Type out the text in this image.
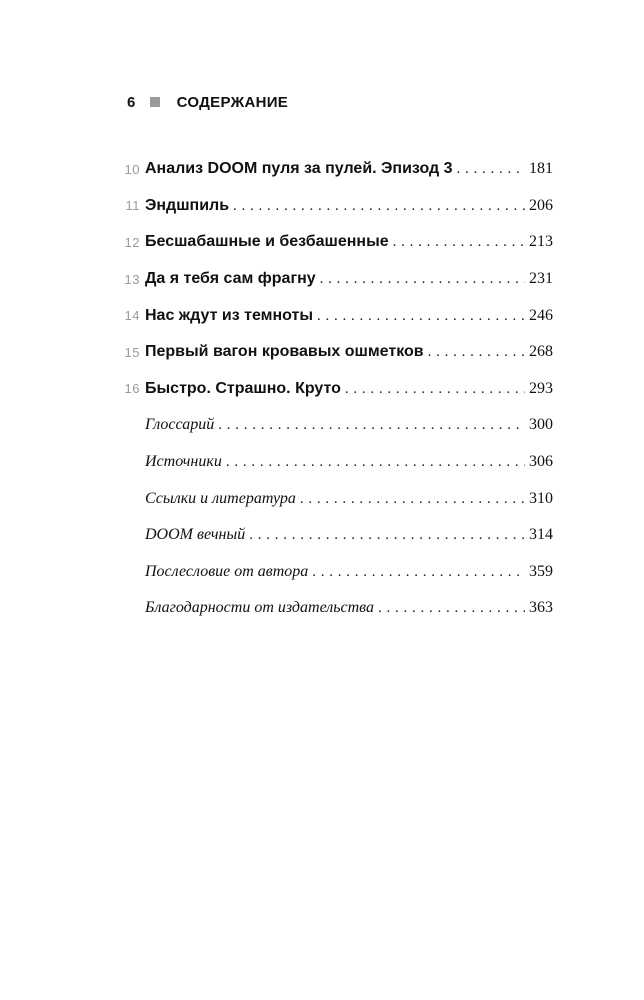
6	СОДЕРЖАНИЕ
10 Анализ DOOM пуля за пулей. Эпизод 3 . . .	181
11 Эндшпиль . . .	206
12 Бесшабашные и безбашенные . . .	213
13 Да я тебя сам фрагну . . .	231
14 Нас ждут из темноты . . .	246
15 Первый вагон кровавых ошметков . . .	268
16 Быстро. Страшно. Круто . . .	293
Глоссарий . . .	300
Источники . . .	306
Ссылки и литература . . .	310
DOOM вечный . . .	314
Послесловие от автора . . .	359
Благодарности от издательства . . .	363
